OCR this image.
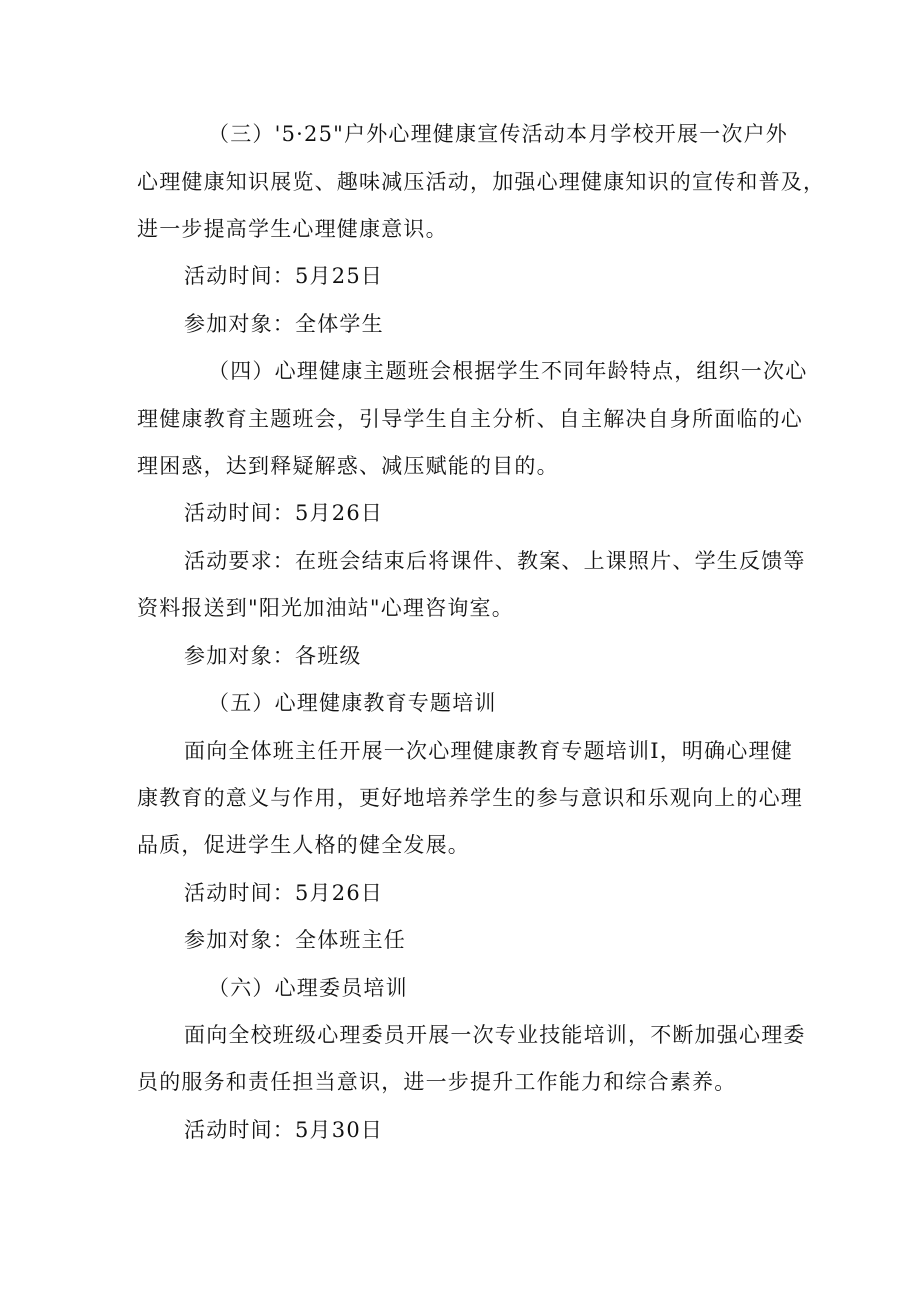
（三）'5·25"户外心理健康宣传活动本月学校开展一次户外
心理健康知识展览、趣味减压活动，加强心理健康知识的宣传和普及，
进一步提高学生心理健康意识。
活动时间：5月25日
参加对象：全体学生
（四）心理健康主题班会根据学生不同年龄特点，组织一次心
理健康教育主题班会，引导学生自主分析、自主解决自身所面临的心
理困惑，达到释疑解惑、减压赋能的目的。
活动时间：5月26日
活动要求：在班会结束后将课件、教案、上课照片、学生反馈等
资料报送到"阳光加油站"心理咨询室。
参加对象：各班级
（五）心理健康教育专题培训
面向全体班主任开展一次心理健康教育专题培训I，明确心理健
康教育的意义与作用，更好地培养学生的参与意识和乐观向上的心理
品质，促进学生人格的健全发展。
活动时间：5月26日
参加对象：全体班主任
（六）心理委员培训
面向全校班级心理委员开展一次专业技能培训，不断加强心理委
员的服务和责任担当意识，进一步提升工作能力和综合素养。
活动时间：5月30日
